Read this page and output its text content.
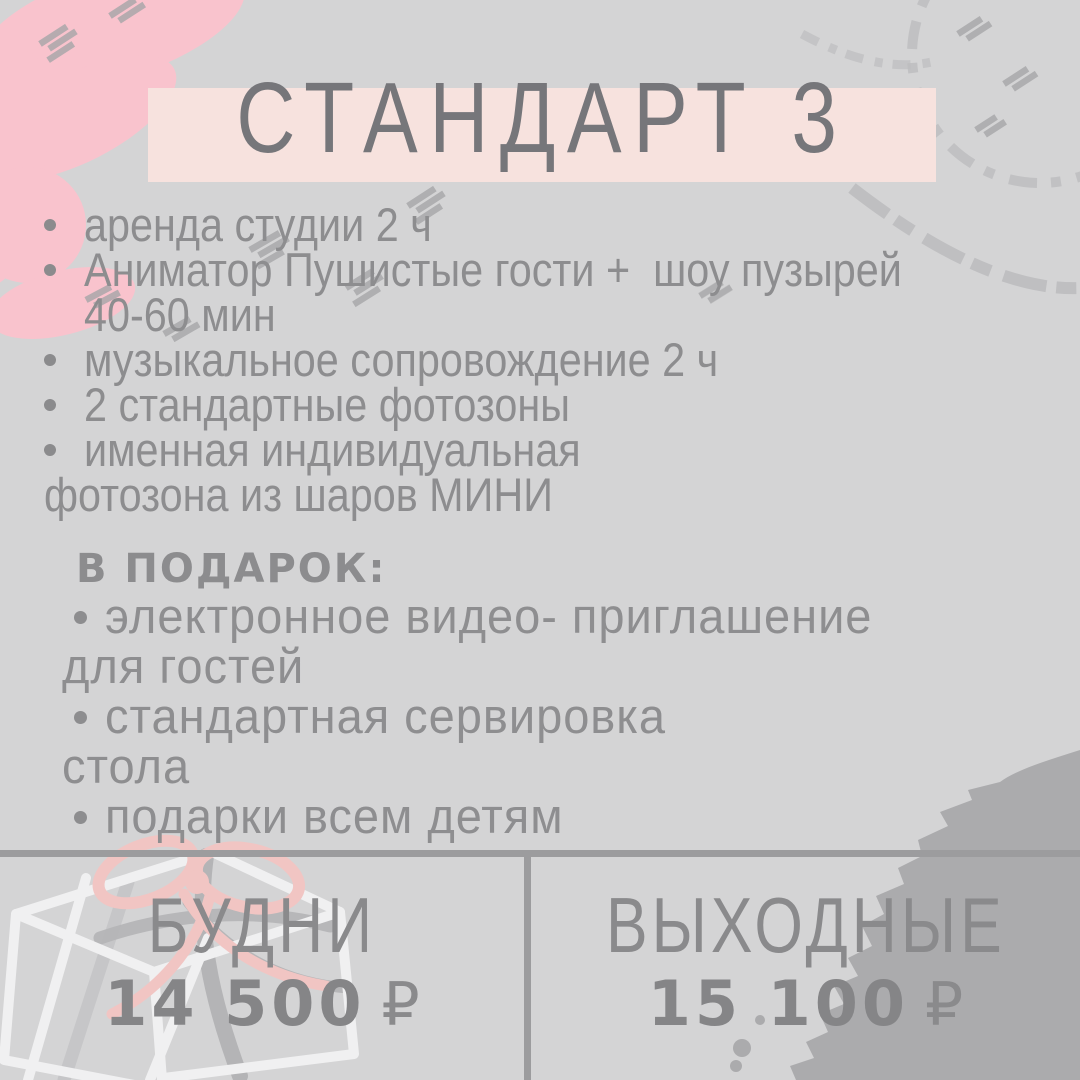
СТАНДАРТ 3
аренда студии 2 ч
Аниматор Пушистые гости +  шоу пузырей
40-60 мин
музыкальное сопровождение 2 ч
2 стандартные фотозоны
именная индивидуальная
фотозона из шаров МИНИ
В ПОДАРОК:
электронное видео- приглашение
для гостей
стандартная сервировка
стола
подарки всем детям
БУДНИ
14 500 ₽
ВЫХОДНЫЕ
15 100 ₽
